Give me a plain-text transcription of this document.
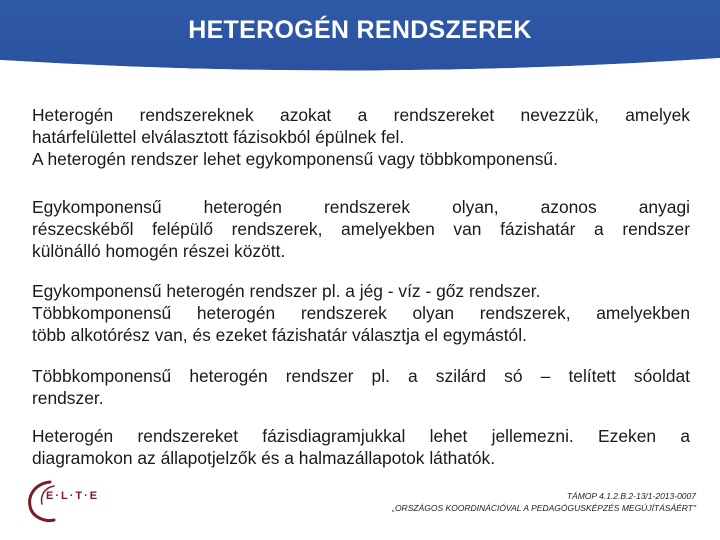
HETEROGÉN RENDSZEREK
Heterogén rendszereknek azokat a rendszereket nevezzük, amelyek
határfelülettel elválasztott fázisokból épülnek fel.
A heterogén rendszer lehet egykomponensű vagy többkomponensű.
Egykomponensű heterogén rendszerek olyan, azonos anyagi
részecskéből felépülő rendszerek, amelyekben van fázishatár a rendszer
különálló homogén részei között.
Egykomponensű heterogén rendszer pl. a jég - víz - gőz rendszer.
Többkomponensű heterogén rendszerek olyan rendszerek, amelyekben
több alkotórész van, és ezeket fázishatár választja el egymástól.
Többkomponensű heterogén rendszer pl. a szilárd só – telített sóoldat
rendszer.
Heterogén rendszereket fázisdiagramjukkal lehet jellemezni. Ezeken a
diagramokon az állapotjelzők és a halmazállapotok láthatók.
E·L·T·E	TÁMOP 4.1.2.B.2-13/1-2013-0007
„ORSZÁGOS KOORDINÁCIÓVAL A PEDAGÓGUSKÉPZÉS MEGÚJÍTÁSÁÉRT"
